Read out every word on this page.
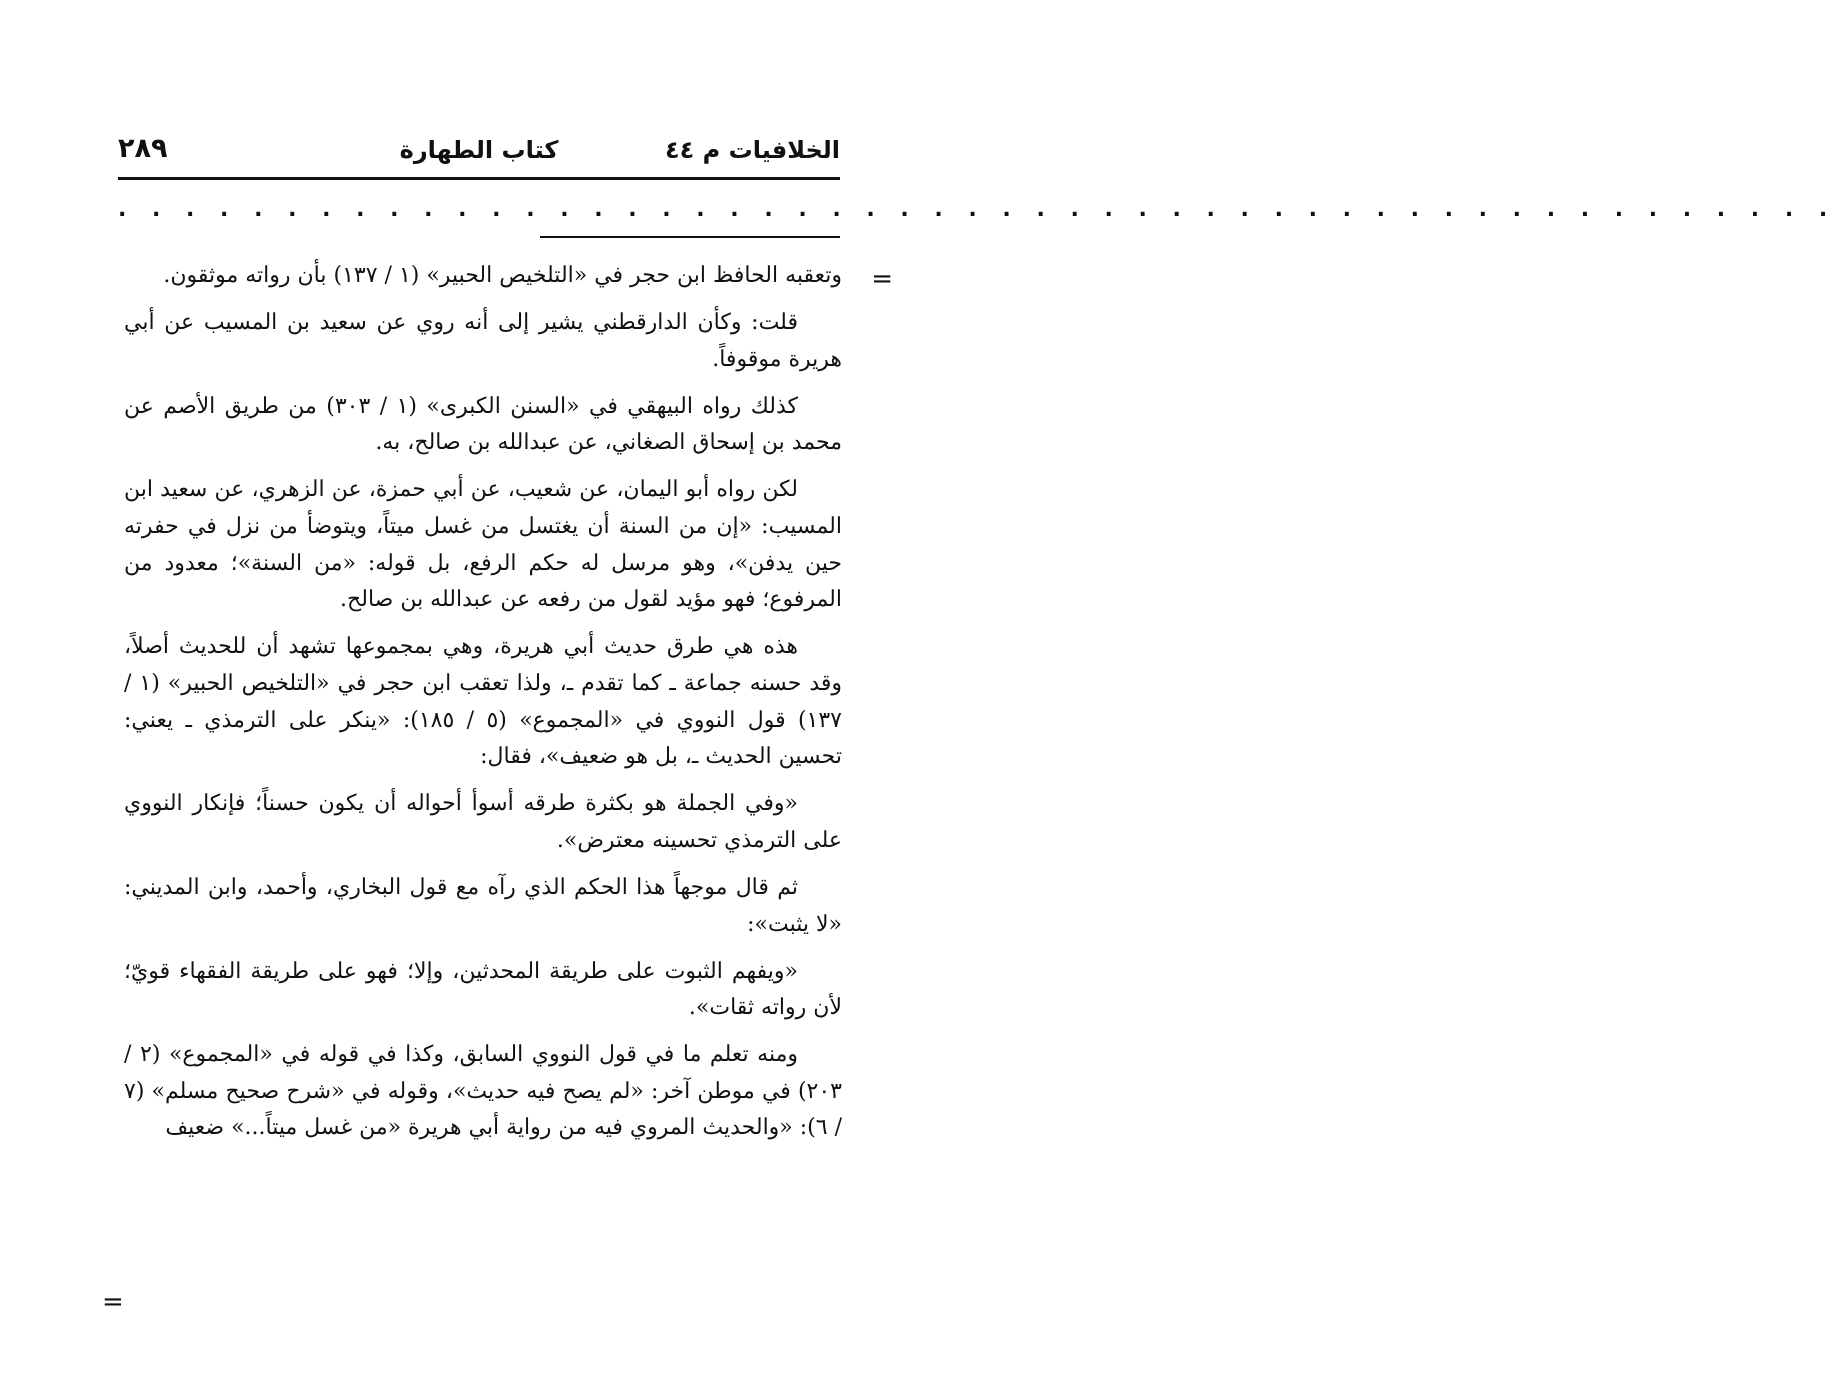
الخلافيات م ٤٤
كتاب الطهارة
٢٨٩
. . . . . . . . . . . . . . . . . . . . . . . . . . . . . . . . . . . . . . . . . . . . . . . . . . .
=

وتعقبه الحافظ ابن حجر في «التلخيص الحبير» (١ / ١٣٧) بأن رواته موثقون.

قلت: وكأن الدارقطني يشير إلى أنه روي عن سعيد بن المسيب عن أبي هريرة موقوفاً.

كذلك رواه البيهقي في «السنن الكبرى» (١ / ٣٠٣) من طريق الأصم عن محمد بن إسحاق الصغاني، عن عبدالله بن صالح، به.

لكن رواه أبو اليمان، عن شعيب، عن أبي حمزة، عن الزهري، عن سعيد ابن المسيب: «إن من السنة أن يغتسل من غسل ميتاً، ويتوضأ من نزل في حفرته حين يدفن»، وهو مرسل له حكم الرفع، بل قوله: «من السنة»؛ معدود من المرفوع؛ فهو مؤيد لقول من رفعه عن عبدالله بن صالح.

هذه هي طرق حديث أبي هريرة، وهي بمجموعها تشهد أن للحديث أصلاً، وقد حسنه جماعة ـ كما تقدم ـ، ولذا تعقب ابن حجر في «التلخيص الحبير» (١ / ١٣٧) قول النووي في «المجموع» (٥ / ١٨٥): «ينكر على الترمذي ـ يعني: تحسين الحديث ـ، بل هو ضعيف»، فقال:

«وفي الجملة هو بكثرة طرقه أسوأ أحواله أن يكون حسناً؛ فإنكار النووي على الترمذي تحسينه معترض».

ثم قال موجهاً هذا الحكم الذي رآه مع قول البخاري، وأحمد، وابن المديني: «لا يثبت»:

«ويفهم الثبوت على طريقة المحدثين، وإلا؛ فهو على طريقة الفقهاء قويّ؛ لأن رواته ثقات».

ومنه تعلم ما في قول النووي السابق، وكذا في قوله في «المجموع» (٢ / ٢٠٣) في موطن آخر: «لم يصح فيه حديث»، وقوله في «شرح صحيح مسلم» (٧ / ٦): «والحديث المروي فيه من رواية أبي هريرة «من غسل ميتاً...» ضعيف

=
